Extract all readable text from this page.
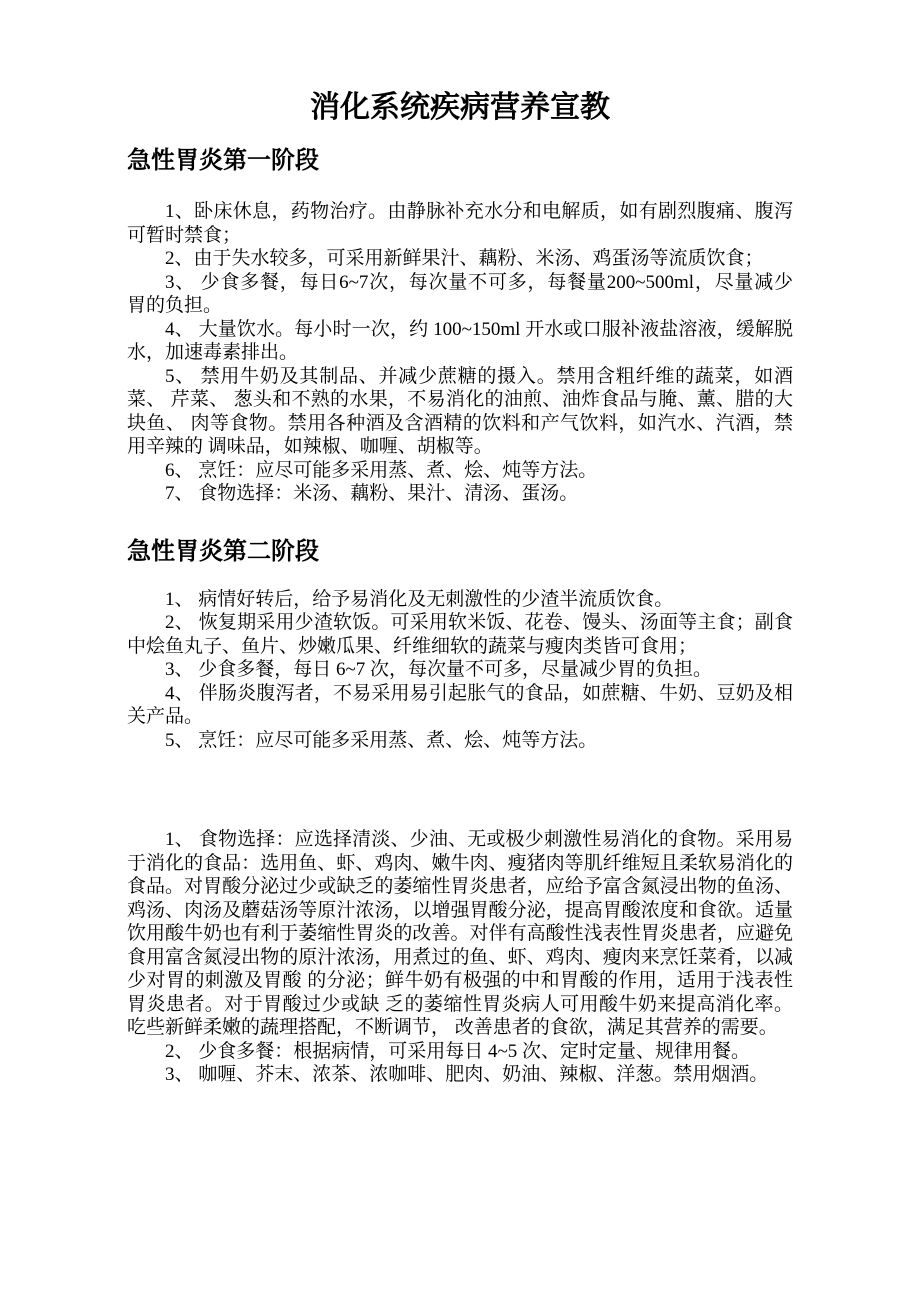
消化系统疾病营养宣教
急性胃炎第一阶段

1、卧床休息，药物治疗。由静脉补充水分和电解质，如有剧烈腹痛、腹泻可暂时禁食；

2、由于失水较多，可采用新鲜果汁、藕粉、米汤、鸡蛋汤等流质饮食；

3、 少食多餐，每日6~7次，每次量不可多，每餐量200~500ml，尽量减少 胃的负担。

4、 大量饮水。每小时一次，约 100~150ml 开水或口服补液盐溶液，缓解脱水，加速毒素排出。

5、 禁用牛奶及其制品、并减少蔗糖的摄入。禁用含粗纤维的蔬菜，如酒菜、 芹菜、 葱头和不熟的水果，不易消化的油煎、油炸食品与腌、薰、腊的大块鱼、 肉等食物。禁用各种酒及含酒精的饮料和产气饮料，如汽水、汽酒，禁用辛辣的 调味品，如辣椒、咖喱、胡椒等。

6、 烹饪：应尽可能多采用蒸、煮、烩、炖等方法。

7、 食物选择：米汤、藕粉、果汁、清汤、蛋汤。

急性胃炎第二阶段

1、 病情好转后，给予易消化及无刺激性的少渣半流质饮食。

2、 恢复期采用少渣软饭。可采用软米饭、花卷、馒头、汤面等主食；副食中烩鱼丸子、鱼片、炒嫩瓜果、纤维细软的蔬菜与瘦肉类皆可食用；

3、 少食多餐，每日 6~7 次，每次量不可多，尽量减少胃的负担。

4、 伴肠炎腹泻者，不易采用易引起胀气的食品，如蔗糖、牛奶、豆奶及相关产品。

5、 烹饪：应尽可能多采用蒸、煮、烩、炖等方法。

1、 食物选择：应选择清淡、少油、无或极少刺激性易消化的食物。采用易于消化的食品：选用鱼、虾、鸡肉、嫩牛肉、瘦猪肉等肌纤维短且柔软易消化的食品。对胃酸分泌过少或缺乏的萎缩性胃炎患者，应给予富含氮浸出物的鱼汤、鸡汤、肉汤及蘑菇汤等原汁浓汤，以增强胃酸分泌，提高胃酸浓度和食欲。适量饮用酸牛奶也有利于萎缩性胃炎的改善。对伴有高酸性浅表性胃炎患者，应避免食用富含氮浸出物的原汁浓汤，用煮过的鱼、虾、鸡肉、瘦肉来烹饪菜肴，以减少对胃的刺激及胃酸 的分泌；鲜牛奶有极强的中和胃酸的作用，适用于浅表性 胃炎患者。对于胃酸过少或缺 乏的萎缩性胃炎病人可用酸牛奶来提高消化率。 吃些新鲜柔嫩的蔬理搭配，不断调节， 改善患者的食欲，满足其营养的需要。

2、 少食多餐：根据病情，可采用每日 4~5 次、定时定量、规律用餐。

3、 咖喱、芥末、浓茶、浓咖啡、肥肉、奶油、辣椒、洋葱。禁用烟酒。
